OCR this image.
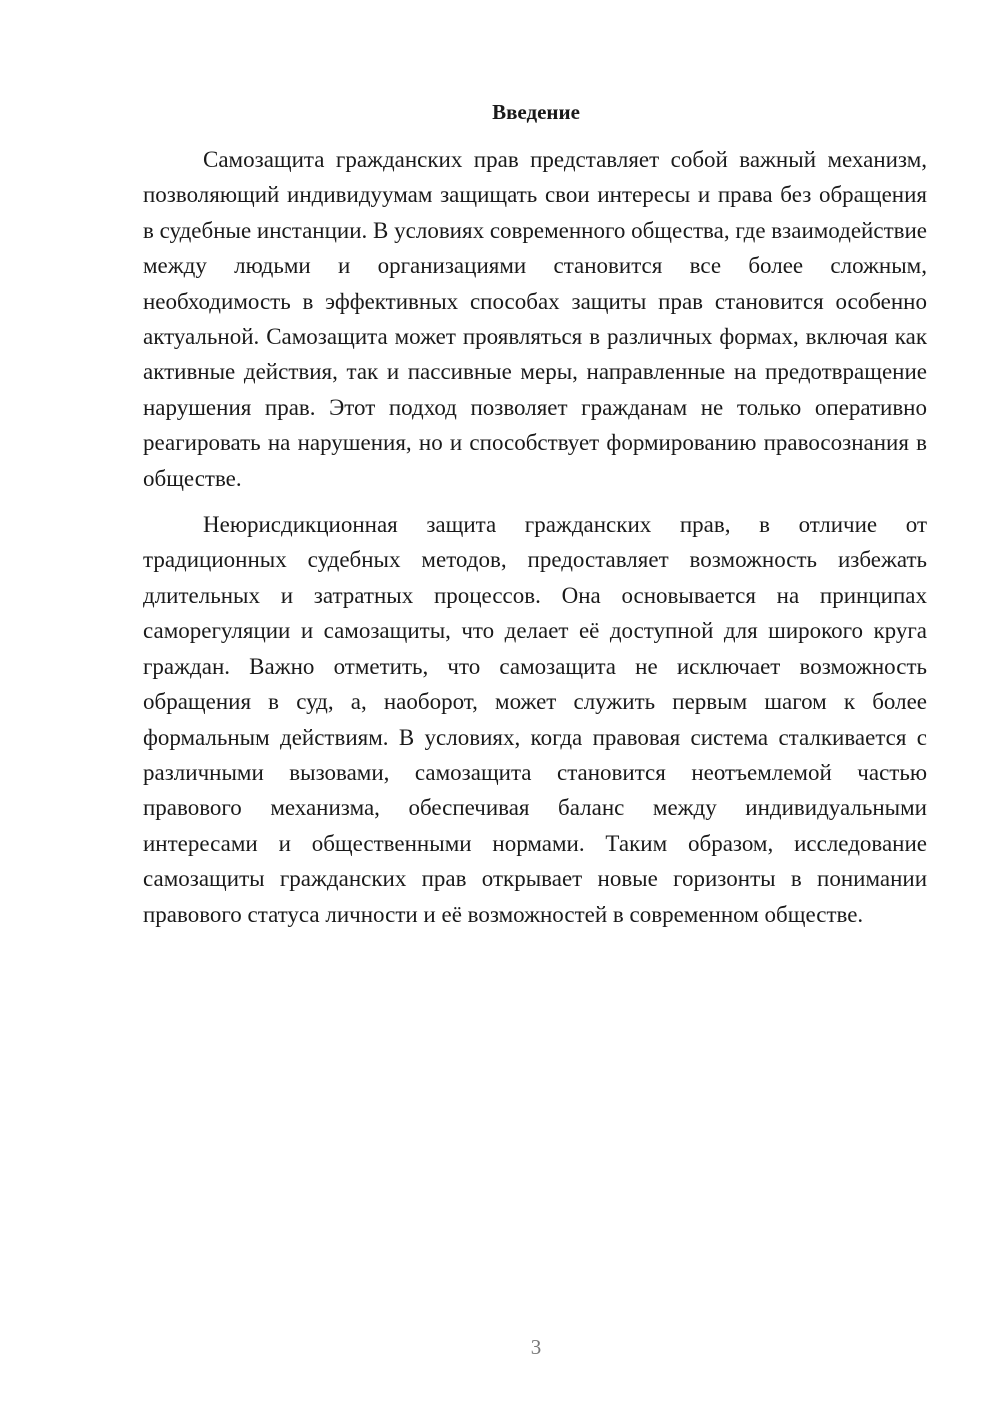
Введение

Самозащита гражданских прав представляет собой важный механизм, позволяющий индивидуумам защищать свои интересы и права без обращения в судебные инстанции. В условиях современного общества, где взаимодействие между людьми и организациями становится все более сложным, необходимость в эффективных способах защиты прав становится особенно актуальной. Самозащита может проявляться в различных формах, включая как активные действия, так и пассивные меры, направленные на предотвращение нарушения прав. Этот подход позволяет гражданам не только оперативно реагировать на нарушения, но и способствует формированию правосознания в обществе.

Неюрисдикционная защита гражданских прав, в отличие от традиционных судебных методов, предоставляет возможность избежать длительных и затратных процессов. Она основывается на принципах саморегуляции и самозащиты, что делает её доступной для широкого круга граждан. Важно отметить, что самозащита не исключает возможность обращения в суд, а, наоборот, может служить первым шагом к более формальным действиям. В условиях, когда правовая система сталкивается с различными вызовами, самозащита становится неотъемлемой частью правового механизма, обеспечивая баланс между индивидуальными интересами и общественными нормами. Таким образом, исследование самозащиты гражданских прав открывает новые горизонты в понимании правового статуса личности и её возможностей в современном обществе.

3
